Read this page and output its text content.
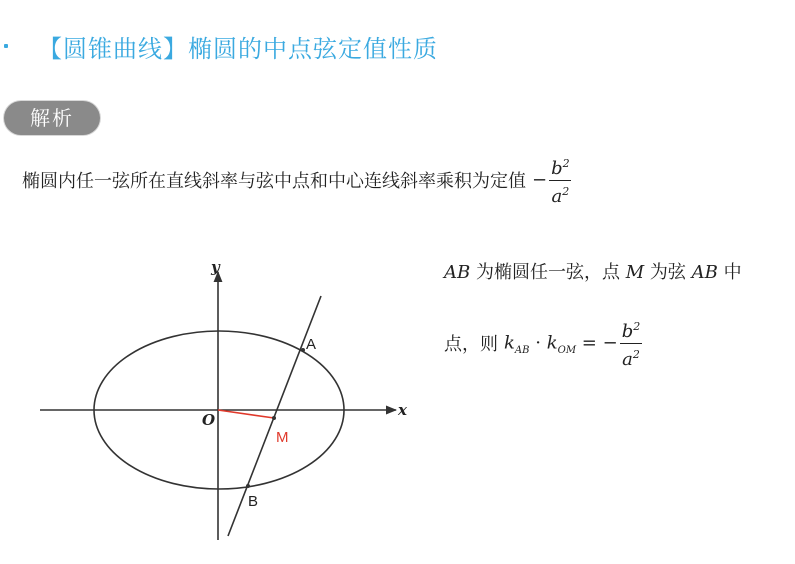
【圆锥曲线】椭圆的中点弦定值性质
解析
椭圆内任一弦所在直线斜率与弦中点和中心连线斜率乘积为定值 − $\frac{b^2}{a^2}$
y
x
O
A
B
M
AB 为椭圆任一弦，点 M 为弦 AB 中
点，则 $k_{AB} \cdot k_{OM}$ = − $\frac{b^2}{a^2}$
